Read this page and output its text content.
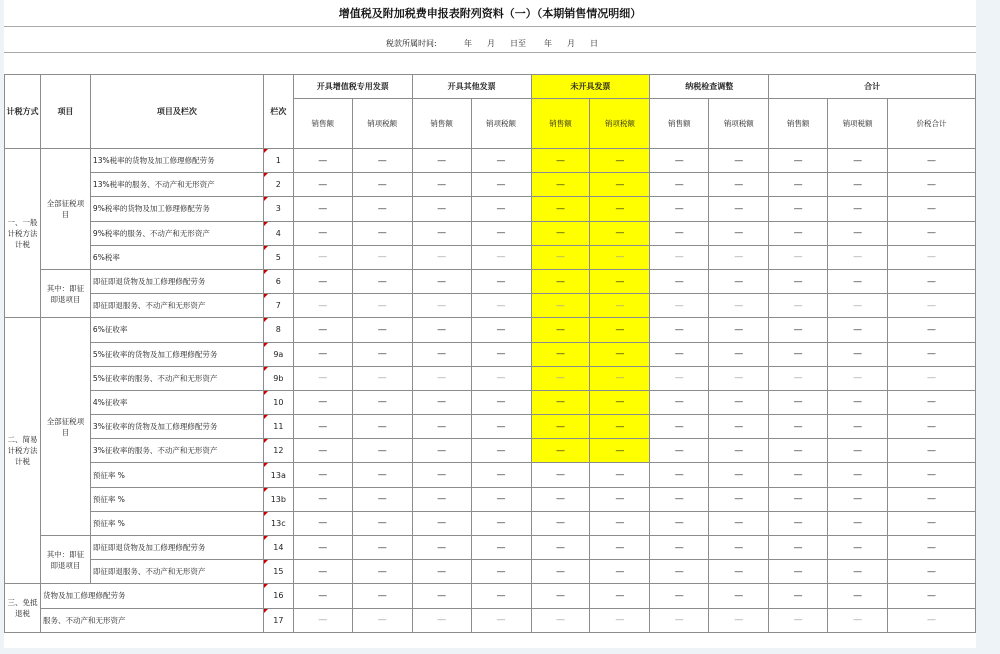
增值税及附加税费申报表附列资料（一）（本期销售情况明细）
税款所属时间:	年 月 日至 年 月 日
计税方式	项目	项目及栏次	栏次	开具增值税专用发票		开具其他发票		未开具发票		纳税检查调整		合计		
				销售额	销项税额	销售额	销项税额	销售额	销项税额	销售额	销项税额	销售额	销项税额	价税合计
一、一般计税方法计税	全部征税项目	13%税率的货物及加工修理修配劳务	1	—	—	—	—	—	—	—	—	—	—	—
		13%税率的服务、不动产和无形资产	2	—	—	—	—	—	—	—	—	—	—	—
		9%税率的货物及加工修理修配劳务	3	—	—	—	—	—	—	—	—	—	—	—
		9%税率的服务、不动产和无形资产	4	—	—	—	—	—	—	—	—	—	—	—
		6%税率	5	—	—	—	—	—	—	—	—	—	—	—
	其中：即征即退项目	即征即退货物及加工修理修配劳务	6	—	—	—	—	—	—	—	—	—	—	—
		即征即退服务、不动产和无形资产	7	—	—	—	—	—	—	—	—	—	—	—
二、简易计税方法计税	全部征税项目	6%征收率	8	—	—	—	—	—	—	—	—	—	—	—
		5%征收率的货物及加工修理修配劳务	9a	—	—	—	—	—	—	—	—	—	—	—
		5%征收率的服务、不动产和无形资产	9b	—	—	—	—	—	—	—	—	—	—	—
		4%征收率	10	—	—	—	—	—	—	—	—	—	—	—
		3%征收率的货物及加工修理修配劳务	11	—	—	—	—	—	—	—	—	—	—	—
		3%征收率的服务、不动产和无形资产	12	—	—	—	—	—	—	—	—	—	—	—
		预征率 %	13a	—	—	—	—	—	—	—	—	—	—	—
		预征率 %	13b	—	—	—	—	—	—	—	—	—	—	—
		预征率 %	13c	—	—	—	—	—	—	—	—	—	—	—
	其中：即征即退项目	即征即退货物及加工修理修配劳务	14	—	—	—	—	—	—	—	—	—	—	—
		即征即退服务、不动产和无形资产	15	—	—	—	—	—	—	—	—	—	—	—
三、免抵退税	货物及加工修理修配劳务		16	—	—	—	—	—	—	—	—	—	—	—
	服务、不动产和无形资产		17	—	—	—	—	—	—	—	—	—	—	—
